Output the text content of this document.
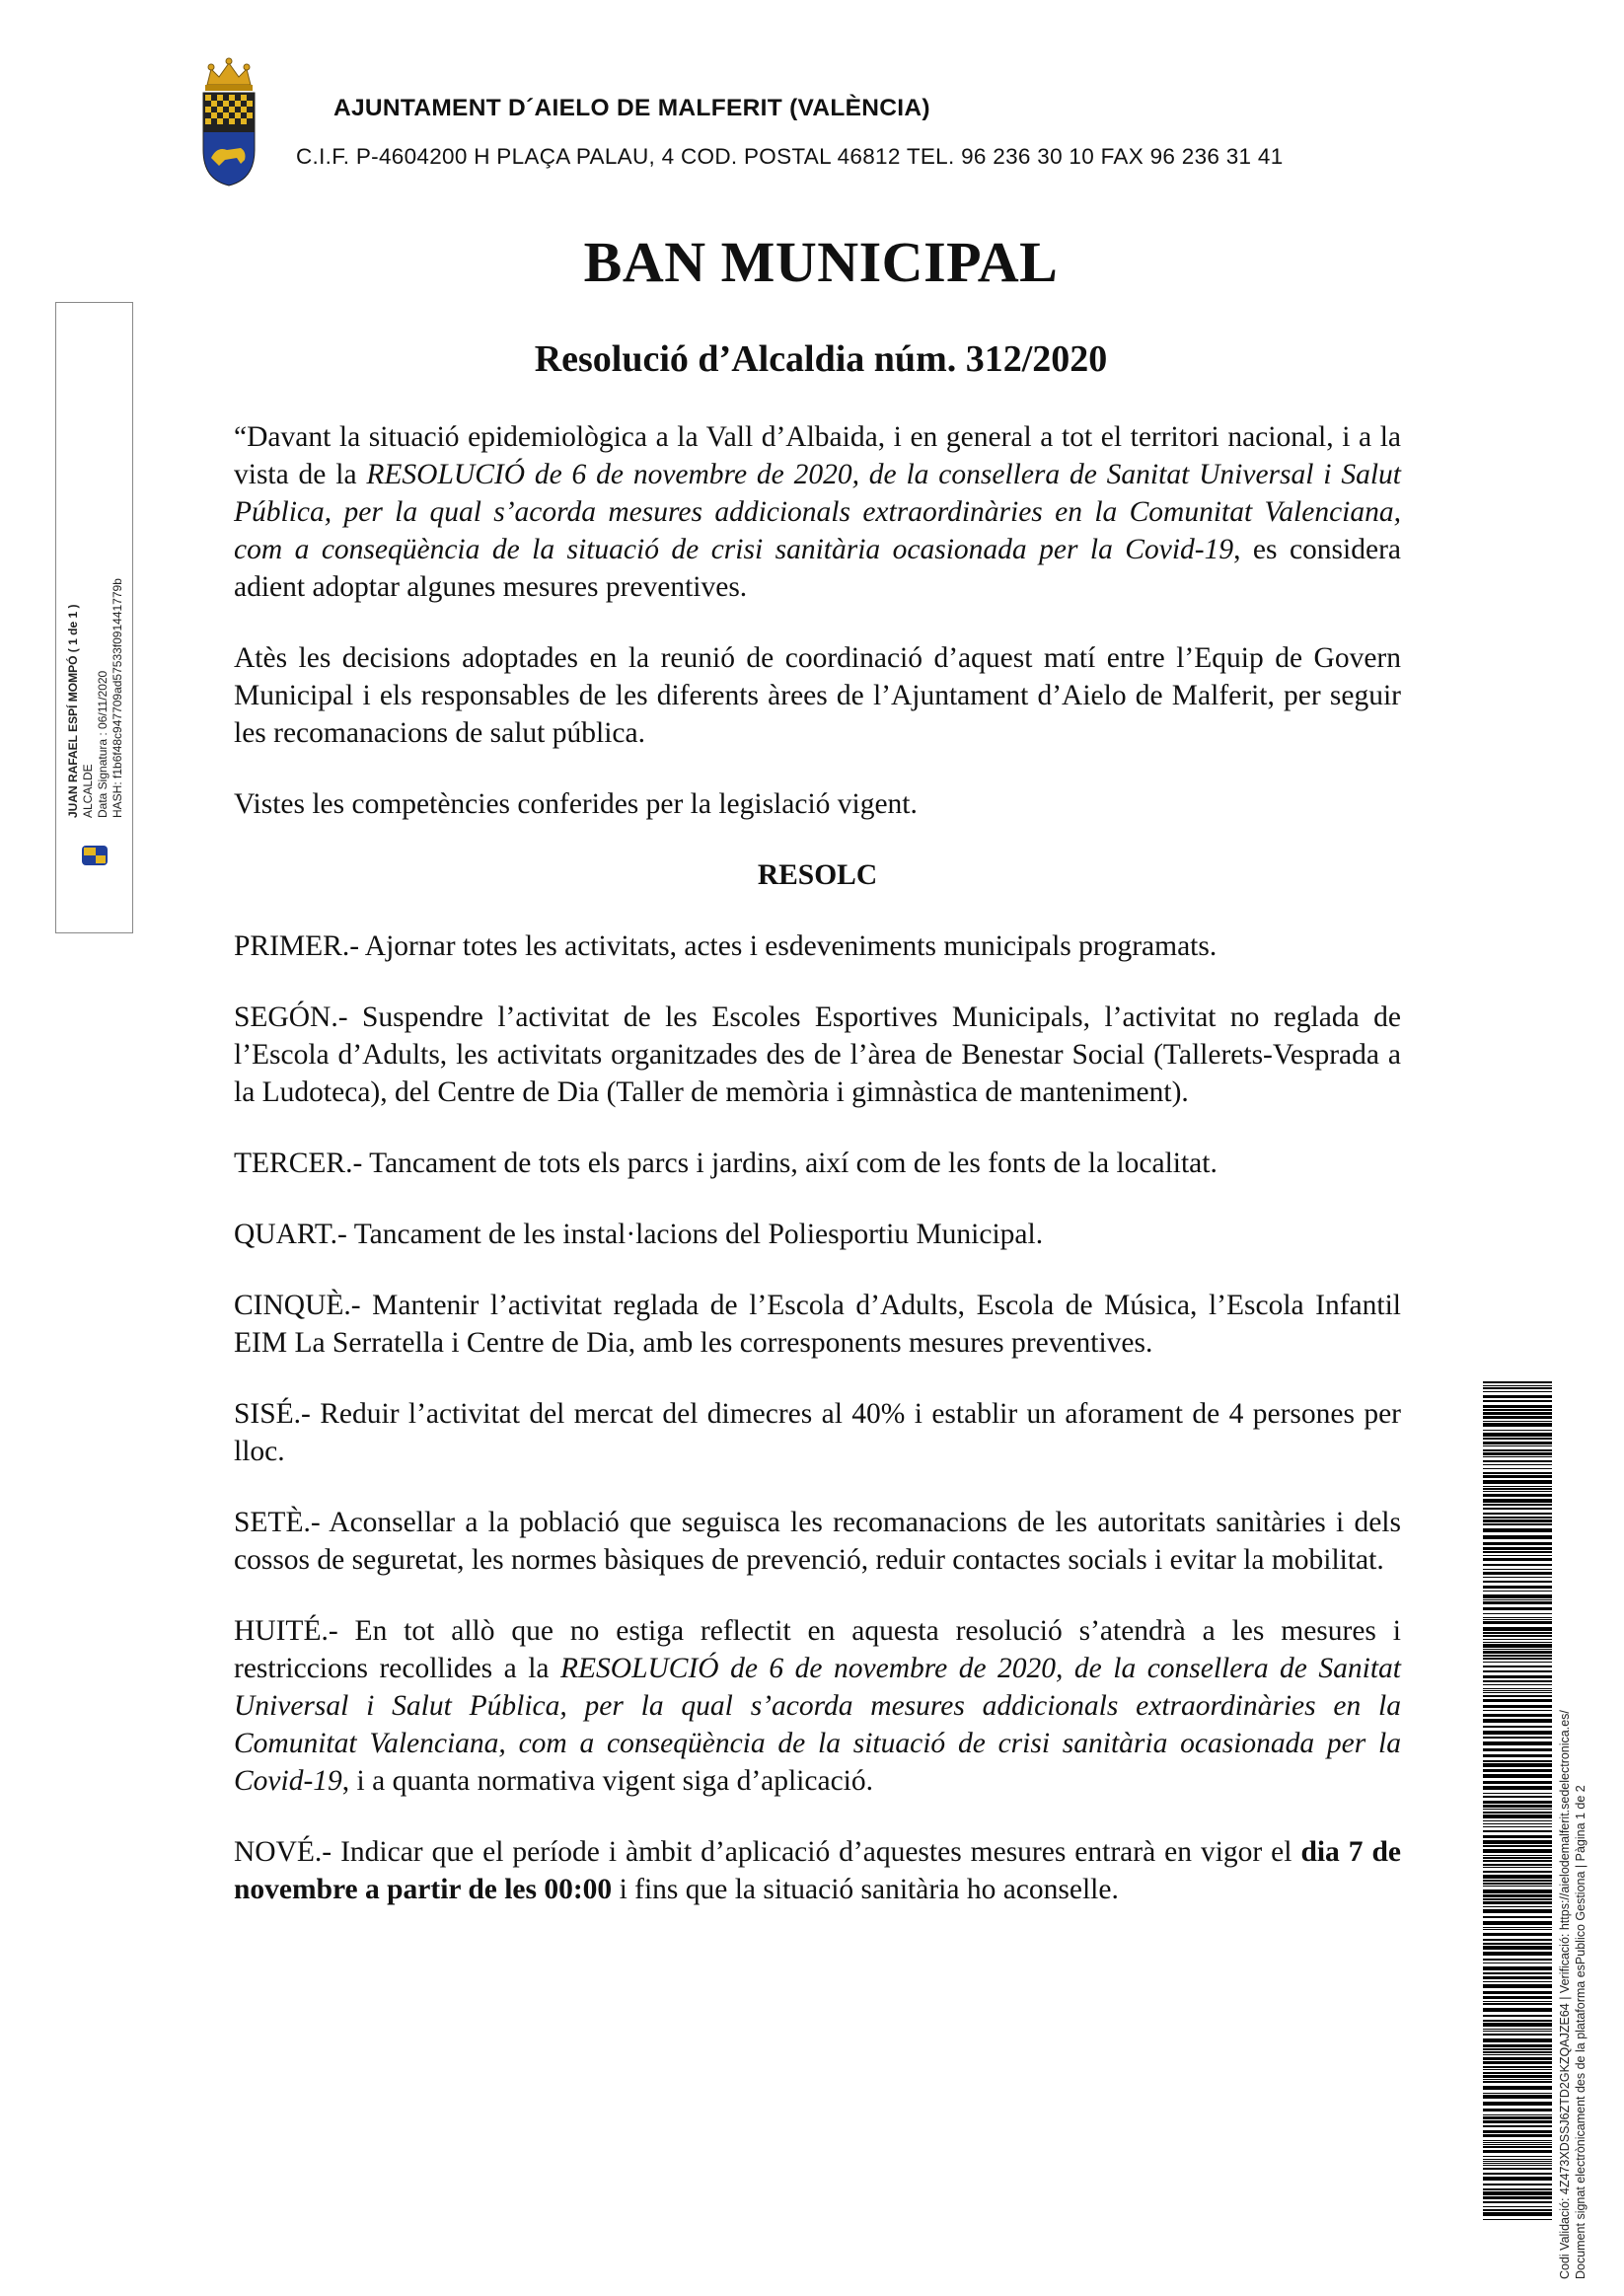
AJUNTAMENT D´AIELO DE MALFERIT (VALÈNCIA)
C.I.F. P-4604200 H PLAÇA PALAU, 4 COD. POSTAL 46812 TEL. 96 236 30 10 FAX 96 236 31 41
BAN MUNICIPAL
Resolució d’Alcaldia núm. 312/2020

“Davant la situació epidemiològica a la Vall d’Albaida, i en general a tot el territori nacional, i a la vista de la RESOLUCIÓ de 6 de novembre de 2020, de la consellera de Sanitat Universal i Salut Pública, per la qual s’acorda mesures addicionals extraordinàries en la Comunitat Valenciana, com a conseqüència de la situació de crisi sanitària ocasionada per la Covid-19, es considera adient adoptar algunes mesures preventives.

Atès les decisions adoptades en la reunió de coordinació d’aquest matí entre l’Equip de Govern Municipal i els responsables de les diferents àrees de l’Ajuntament d’Aielo de Malferit, per seguir les recomanacions de salut pública.

Vistes les competències conferides per la legislació vigent.

RESOLC

PRIMER.- Ajornar totes les activitats, actes i esdeveniments municipals programats.

SEGÓN.- Suspendre l’activitat de les Escoles Esportives Municipals, l’activitat no reglada de l’Escola d’Adults, les activitats organitzades des de l’àrea de Benestar Social (Tallerets-Vesprada a la Ludoteca), del Centre de Dia (Taller de memòria i gimnàstica de manteniment).

TERCER.- Tancament de tots els parcs i jardins, així com de les fonts de la localitat.

QUART.- Tancament de les instal·lacions del Poliesportiu Municipal.

CINQUÈ.- Mantenir l’activitat reglada de l’Escola d’Adults, Escola de Música, l’Escola Infantil EIM La Serratella i Centre de Dia, amb les corresponents mesures preventives.

SISÉ.- Reduir l’activitat del mercat del dimecres al 40% i establir un aforament de 4 persones per lloc.

SETÈ.- Aconsellar a la població que seguisca les recomanacions de les autoritats sanitàries i dels cossos de seguretat, les normes bàsiques de prevenció, reduir contactes socials i evitar la mobilitat.

HUITÉ.- En tot allò que no estiga reflectit en aquesta resolució s’atendrà a les mesures i restriccions recollides a la RESOLUCIÓ de 6 de novembre de 2020, de la consellera de Sanitat Universal i Salut Pública, per la qual s’acorda mesures addicionals extraordinàries en la Comunitat Valenciana, com a conseqüència de la situació de crisi sanitària ocasionada per la Covid-19, i a quanta normativa vigent siga d’aplicació.

NOVÉ.- Indicar que el període i àmbit d’aplicació d’aquestes mesures entrarà en vigor el dia 7 de novembre a partir de les 00:00 i fins que la situació sanitària ho aconselle.

JUAN RAFAEL ESPÍ MOMPÓ ( 1 de 1 ) ALCALDE Data Signatura : 06/11/2020 HASH: f1b6f48c947709ad57533f091441779b
Codi Validació: 4Z473XDSSJ6ZTD2GKZQAJZE64 | Verificació: https://aielodemalferit.sedelectronica.es/ Document signat electrònicament des de la plataforma esPublico Gestiona | Pàgina 1 de 2
